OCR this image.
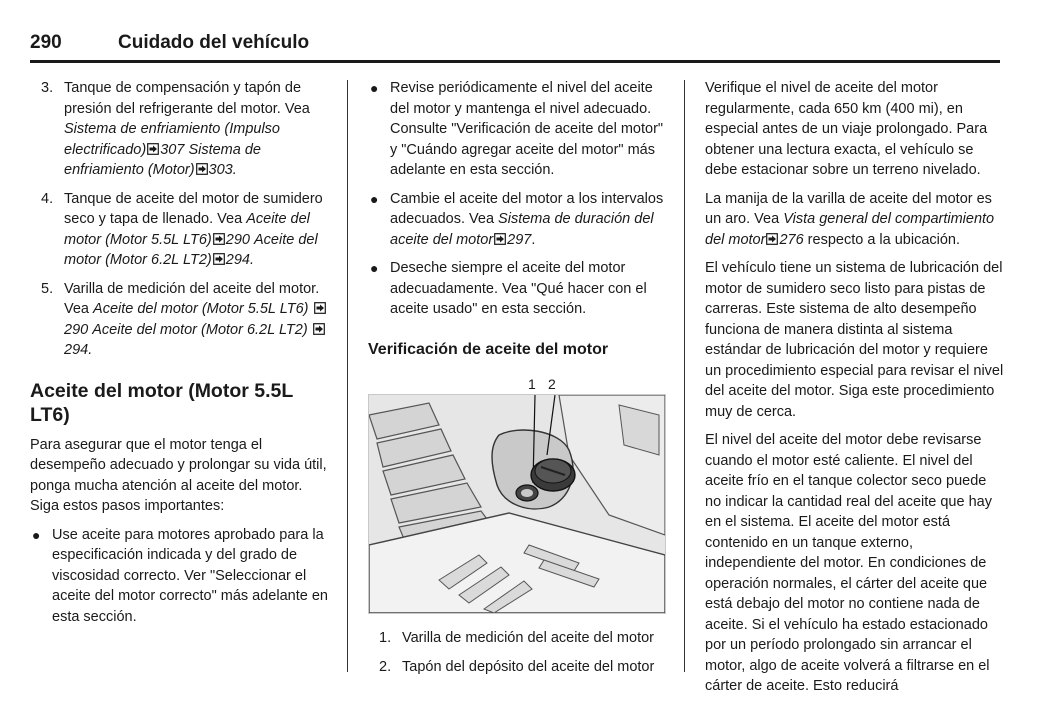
290	Cuidado del vehículo
3. Tanque de compensación y tapón de presión del refrigerante del motor. Vea Sistema de enfriamiento (Impulso electrificado) 307 Sistema de enfriamiento (Motor) 303.
4. Tanque de aceite del motor de sumidero seco y tapa de llenado. Vea Aceite del motor (Motor 5.5L LT6) 290 Aceite del motor (Motor 6.2L LT2) 294.
5. Varilla de medición del aceite del motor. Vea Aceite del motor (Motor 5.5L LT6) 290 Aceite del motor (Motor 6.2L LT2) 294.
Aceite del motor (Motor 5.5L LT6)

Para asegurar que el motor tenga el desempeño adecuado y prolongar su vida útil, ponga mucha atención al aceite del motor. Siga estos pasos importantes:

● Use aceite para motores aprobado para la especificación indicada y del grado de viscosidad correcto. Ver "Seleccionar el aceite del motor correcto" más adelante en esta sección.
● Revise periódicamente el nivel del aceite del motor y mantenga el nivel adecuado. Consulte "Verificación de aceite del motor" y "Cuándo agregar aceite del motor" más adelante en esta sección.
● Cambie el aceite del motor a los intervalos adecuados. Vea Sistema de duración del aceite del motor 297.
● Deseche siempre el aceite del motor adecuadamente. Vea "Qué hacer con el aceite usado" en esta sección.
Verificación de aceite del motor
1 2
1. Varilla de medición del aceite del motor
2. Tapón del depósito del aceite del motor

Verifique el nivel de aceite del motor regularmente, cada 650 km (400 mi), en especial antes de un viaje prolongado. Para obtener una lectura exacta, el vehículo se debe estacionar sobre un terreno nivelado.

La manija de la varilla de aceite del motor es un aro. Vea Vista general del compartimiento del motor 276 respecto a la ubicación.

El vehículo tiene un sistema de lubricación del motor de sumidero seco listo para pistas de carreras. Este sistema de alto desempeño funciona de manera distinta al sistema estándar de lubricación del motor y requiere un procedimiento especial para revisar el nivel del aceite del motor. Siga este procedimiento muy de cerca.

El nivel del aceite del motor debe revisarse cuando el motor esté caliente. El nivel del aceite frío en el tanque colector seco puede no indicar la cantidad real del aceite que hay en el sistema. El aceite del motor está contenido en un tanque externo, independiente del motor. En condiciones de operación normales, el cárter del aceite que está debajo del motor no contiene nada de aceite. Si el vehículo ha estado estacionado por un período prolongado sin arrancar el motor, algo de aceite volverá a filtrarse en el cárter de aceite. Esto reducirá
